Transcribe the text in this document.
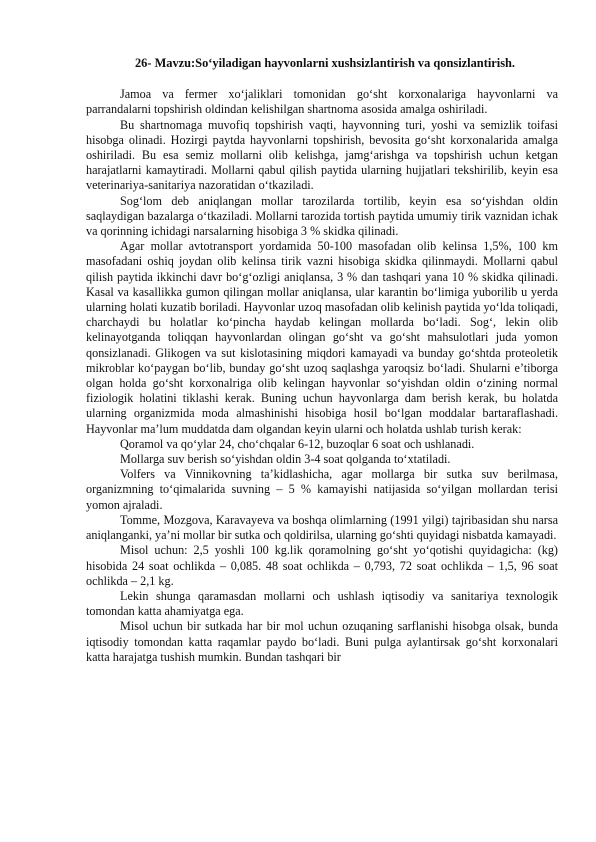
26- Mavzu:So‘yiladigan hayvonlarni xushsizlantirish va qonsizlantirish.

Jamoa va fermer xo‘jaliklari tomonidan go‘sht korxonalariga hayvonlarni va parrandalarni topshirish oldindan kelishilgan shartnoma asosida amalga oshiriladi.

Bu shartnomaga muvofiq topshirish vaqti, hayvonning turi, yoshi va semizlik toifasi hisobga olinadi. Hozirgi paytda hayvonlarni topshirish, bevosita go‘sht korxonalarida amalga oshiriladi. Bu esa semiz mollarni olib kelishga, jamg‘arishga va topshirish uchun ketgan harajatlarni kamaytiradi. Mollarni qabul qilish paytida ularning hujjatlari tekshirilib, keyin esa veterinariya-sanitariya nazoratidan o‘tkaziladi.

Sog‘lom deb aniqlangan mollar tarozilarda tortilib, keyin esa so‘yishdan oldin saqlaydigan bazalarga o‘tkaziladi. Mollarni tarozida tortish paytida umumiy tirik vaznidan ichak va qorinning ichidagi narsalarning hisobiga 3 % skidka qilinadi.

Agar mollar avtotransport yordamida 50-100 masofadan olib kelinsa 1,5%, 100 km masofadani oshiq joydan olib kelinsa tirik vazni hisobiga skidka qilinmaydi. Mollarni qabul qilish paytida ikkinchi davr bo‘g‘ozligi aniqlansa, 3 % dan tashqari yana 10 % skidka qilinadi. Kasal va kasallikka gumon qilingan mollar aniqlansa, ular karantin bo‘limiga yuborilib u yerda ularning holati kuzatib boriladi. Hayvonlar uzoq masofadan olib kelinish paytida yo‘lda toliqadi, charchaydi bu holatlar ko‘pincha haydab kelingan mollarda bo‘ladi. Sog‘, lekin olib kelinayotganda toliqqan hayvonlardan olingan go‘sht va go‘sht mahsulotlari juda yomon qonsizlanadi. Glikogen va sut kislotasining miqdori kamayadi va bunday go‘shtda proteoletik mikroblar ko‘paygan bo‘lib, bunday go‘sht uzoq saqlashga yaroqsiz bo‘ladi. Shularni e’tiborga olgan holda go‘sht korxonalriga olib kelingan hayvonlar so‘yishdan oldin o‘zining normal fiziologik holatini tiklashi kerak. Buning uchun hayvonlarga dam berish kerak, bu holatda ularning organizmida moda almashinishi hisobiga hosil bo‘lgan moddalar bartaraflashadi. Hayvonlar ma’lum muddatda dam olgandan keyin ularni och holatda ushlab turish kerak:

Qoramol va qo‘ylar 24, cho‘chqalar 6-12, buzoqlar 6 soat och ushlanadi.

Mollarga suv berish so‘yishdan oldin 3-4 soat qolganda to‘xtatiladi.

Volfers va Vinnikovning ta’kidlashicha, agar mollarga bir sutka suv berilmasa, organizmning to‘qimalarida suvning – 5 % kamayishi natijasida so‘yilgan mollardan terisi yomon ajraladi.

Tomme, Mozgova, Karavayeva va boshqa olimlarning (1991 yilgi) tajribasidan shu narsa aniqlanganki, ya’ni mollar bir sutka och qoldirilsa, ularning go‘shti quyidagi nisbatda kamayadi.

Misol uchun: 2,5 yoshli 100 kg.lik qoramolning go‘sht yo‘qotishi quyidagicha: (kg) hisobida 24 soat ochlikda – 0,085. 48 soat ochlikda – 0,793, 72 soat ochlikda – 1,5, 96 soat ochlikda – 2,1 kg.

Lekin shunga qaramasdan mollarni och ushlash iqtisodiy va sanitariya texnologik tomondan katta ahamiyatga ega.

Misol uchun bir sutkada har bir mol uchun ozuqaning sarflanishi hisobga olsak, bunda iqtisodiy tomondan katta raqamlar paydo bo‘ladi. Buni pulga aylantirsak go‘sht korxonalari katta harajatga tushish mumkin. Bundan tashqari bir
